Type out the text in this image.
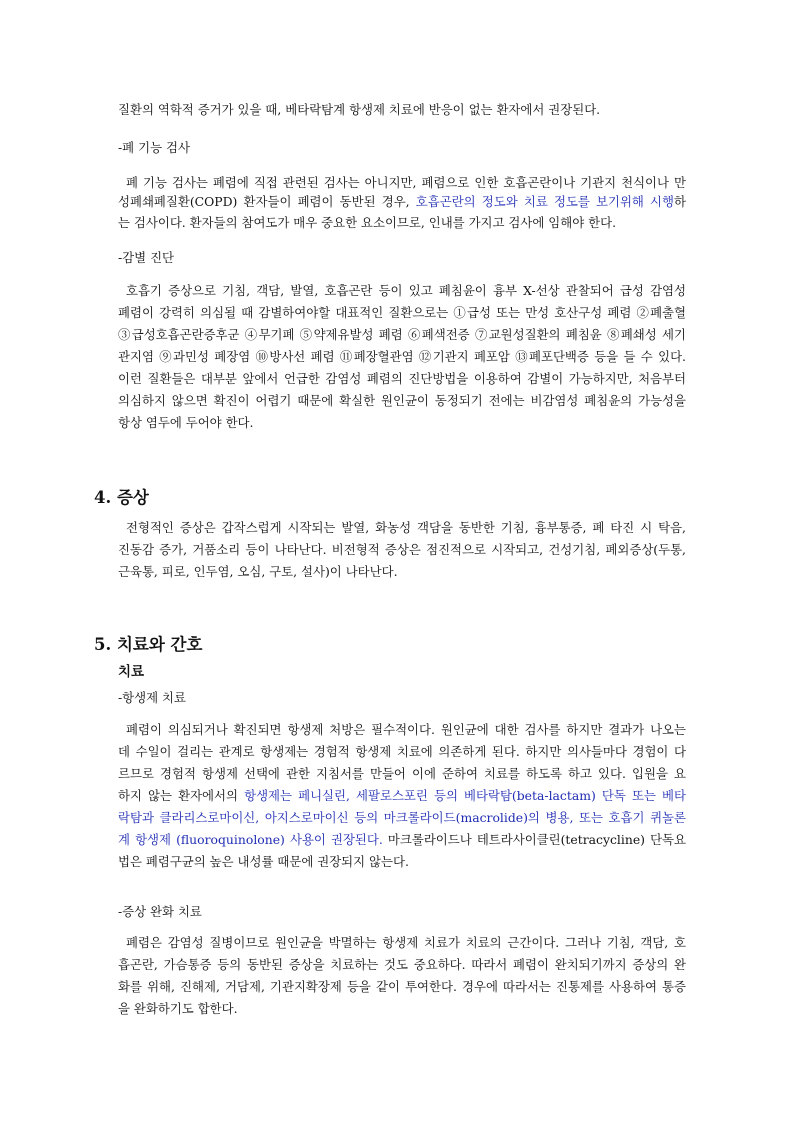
질환의 역학적 증거가 있을 때, 베타락탐계 항생제 치료에 반응이 없는 환자에서 권장된다.
-폐 기능 검사
폐 기능 검사는 폐렴에 직접 관련된 검사는 아니지만, 폐렴으로 인한 호흡곤란이나 기관지 천식이나 만
성폐쇄폐질환(COPD) 환자들이 폐렴이 동반된 경우, 호흡곤란의 정도와 치료 정도를 보기위해 시행하
는 검사이다. 환자들의 참여도가 매우 중요한 요소이므로, 인내를 가지고 검사에 임해야 한다.
-감별 진단
호흡기 증상으로 기침, 객담, 발열, 호흡곤란 등이 있고 폐침윤이 흉부 X-선상 관찰되어 급성 감염성
폐렴이 강력히 의심될 때 감별하여야할 대표적인 질환으로는 ①급성 또는 만성 호산구성 폐렴 ②폐출혈
③급성호흡곤란증후군 ④무기폐 ⑤약제유발성 폐렴 ⑥폐색전증 ⑦교원성질환의 폐침윤 ⑧폐쇄성 세기
관지염 ⑨과민성 폐장염 ⑩방사선 폐렴 ⑪폐장혈관염 ⑫기관지 폐포암 ⑬폐포단백증 등을 들 수 있다.
이런 질환들은 대부분 앞에서 언급한 감염성 폐렴의 진단방법을 이용하여 감별이 가능하지만, 처음부터
의심하지 않으면 확진이 어렵기 때문에 확실한 원인균이 동정되기 전에는 비감염성 폐침윤의 가능성을
항상 염두에 두어야 한다.
4. 증상
전형적인 증상은 갑작스럽게 시작되는 발열, 화농성 객담을 동반한 기침, 흉부통증, 폐 타진 시 탁음,
진동감 증가, 거품소리 등이 나타난다. 비전형적 증상은 점진적으로 시작되고, 건성기침, 폐외증상(두통,
근육통, 피로, 인두염, 오심, 구토, 설사)이 나타난다.
5. 치료와 간호
치료
-항생제 치료
폐렴이 의심되거나 확진되면 항생제 처방은 필수적이다. 원인균에 대한 검사를 하지만 결과가 나오는
데 수일이 걸리는 관계로 항생제는 경험적 항생제 치료에 의존하게 된다. 하지만 의사들마다 경험이 다
르므로 경험적 항생제 선택에 관한 지침서를 만들어 이에 준하여 치료를 하도록 하고 있다. 입원을 요
하지 않는 환자에서의 항생제는 페니실린, 세팔로스포린 등의 베타락탐(beta-lactam) 단독 또는 베타
락탐과 클라리스로마이신, 아지스로마이신 등의 마크롤라이드(macrolide)의 병용, 또는 호흡기 퀴놀론
계 항생제 (fluoroquinolone) 사용이 권장된다. 마크롤라이드나 테트라사이클린(tetracycline) 단독요
법은 폐렴구균의 높은 내성률 때문에 권장되지 않는다.
-증상 완화 치료
폐렴은 감염성 질병이므로 원인균을 박멸하는 항생제 치료가 치료의 근간이다. 그러나 기침, 객담, 호
흡곤란, 가슴통증 등의 동반된 증상을 치료하는 것도 중요하다. 따라서 폐렴이 완치되기까지 증상의 완
화를 위해, 진해제, 거담제, 기관지확장제 등을 같이 투여한다. 경우에 따라서는 진통제를 사용하여 통증
을 완화하기도 합한다.
